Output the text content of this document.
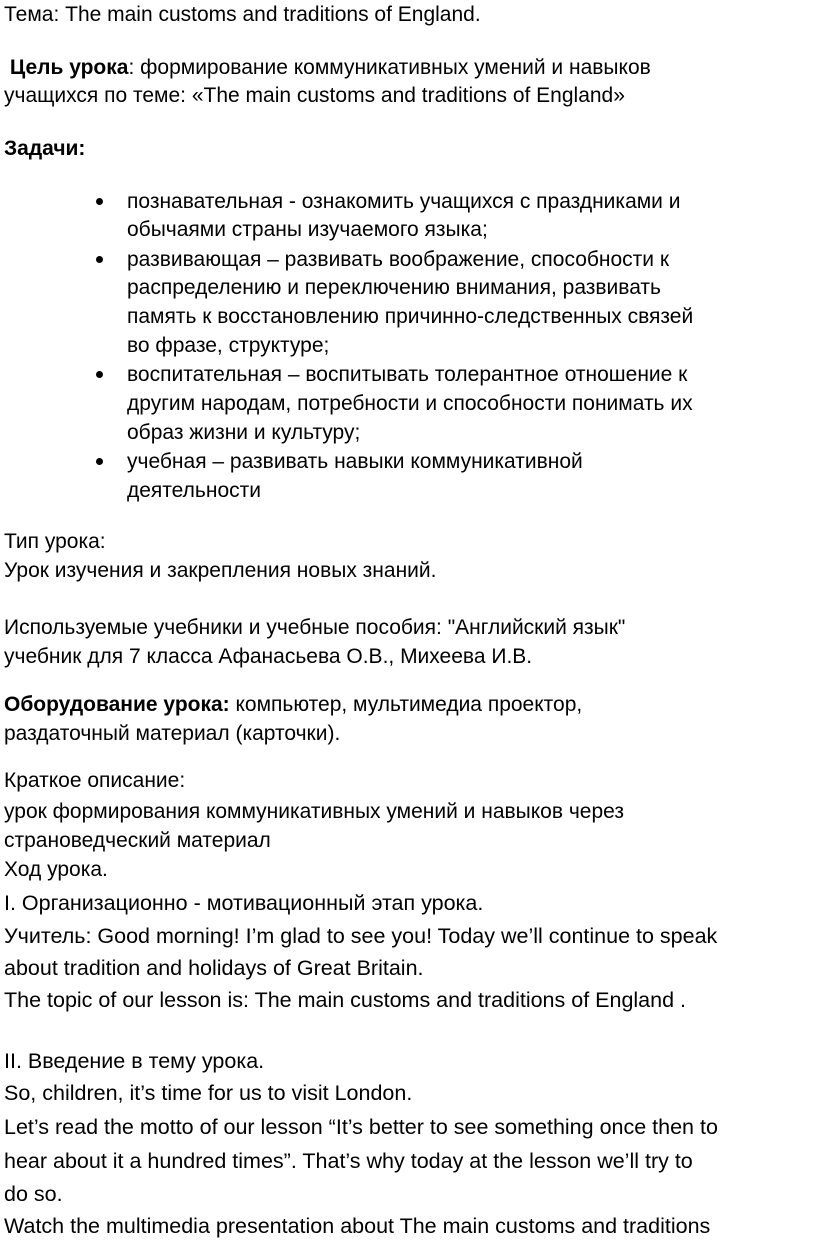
Тема: The main customs and traditions of England.

Цель урока: формирование коммуникативных умений и навыков

учащихся по теме: «The main customs and traditions of England»

Задачи:

познавательная - ознакомить учащихся с праздниками и

обычаями страны изучаемого языка;

развивающая – развивать воображение, способности к

распределению и переключению внимания, развивать

память к восстановлению причинно-следственных связей

во фразе, структуре;

воспитательная – воспитывать толерантное отношение к

другим народам, потребности и способности понимать их

образ жизни и культуру;

учебная – развивать навыки коммуникативной

деятельности

Тип урока:

Урок изучения и закрепления новых знаний.

Используемые учебники и учебные пособия: "Английский язык"

учебник для 7 класса Афанасьева О.В., Михеева И.В.

Оборудование урока: компьютер, мультимедиа проектор,

раздаточный материал (карточки).

Краткое описание:

урок формирования коммуникативных умений и навыков через

страноведческий материал

Ход урока.

I. Организационно - мотивационный этап урока.

Учитель: Good morning! I’m glad to see you! Today we’ll continue to speak

about tradition and holidays of Great Britain.

The topic of our lesson is: The main customs and traditions of England .

II. Введение в тему урока.

So, children, it’s time for us to visit London.

Let’s read the motto of our lesson “It’s better to see something once then to

hear about it a hundred times”. That’s why today at the lesson we’ll try to

do so.

Watch the multimedia presentation about The main customs and traditions
